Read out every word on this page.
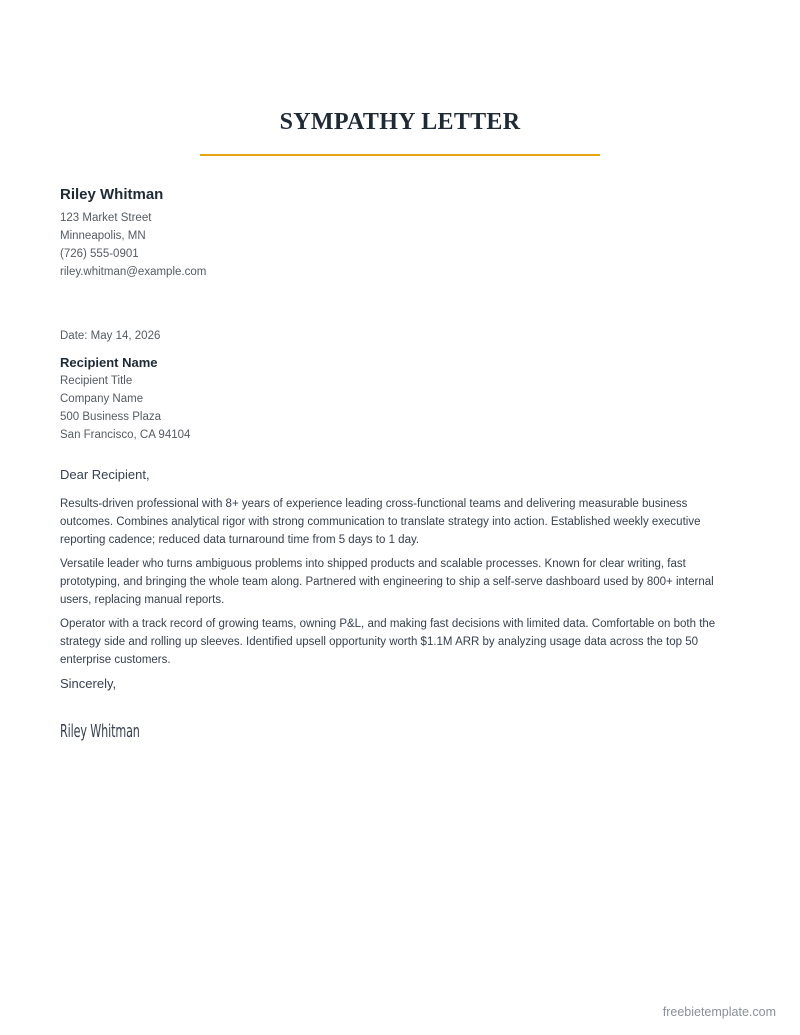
SYMPATHY LETTER
Riley Whitman
123 Market Street
Minneapolis, MN
(726) 555-0901
riley.whitman@example.com
Date: May 14, 2026
Recipient Name
Recipient Title
Company Name
500 Business Plaza
San Francisco, CA 94104
Dear Recipient,

Results-driven professional with 8+ years of experience leading cross-functional teams and delivering measurable business outcomes. Combines analytical rigor with strong communication to translate strategy into action. Established weekly executive reporting cadence; reduced data turnaround time from 5 days to 1 day.

Versatile leader who turns ambiguous problems into shipped products and scalable processes. Known for clear writing, fast prototyping, and bringing the whole team along. Partnered with engineering to ship a self-serve dashboard used by 800+ internal users, replacing manual reports.

Operator with a track record of growing teams, owning P&L, and making fast decisions with limited data. Comfortable on both the strategy side and rolling up sleeves. Identified upsell opportunity worth $1.1M ARR by analyzing usage data across the top 50 enterprise customers.

Sincerely,
Riley Whitman
freebietemplate.com
